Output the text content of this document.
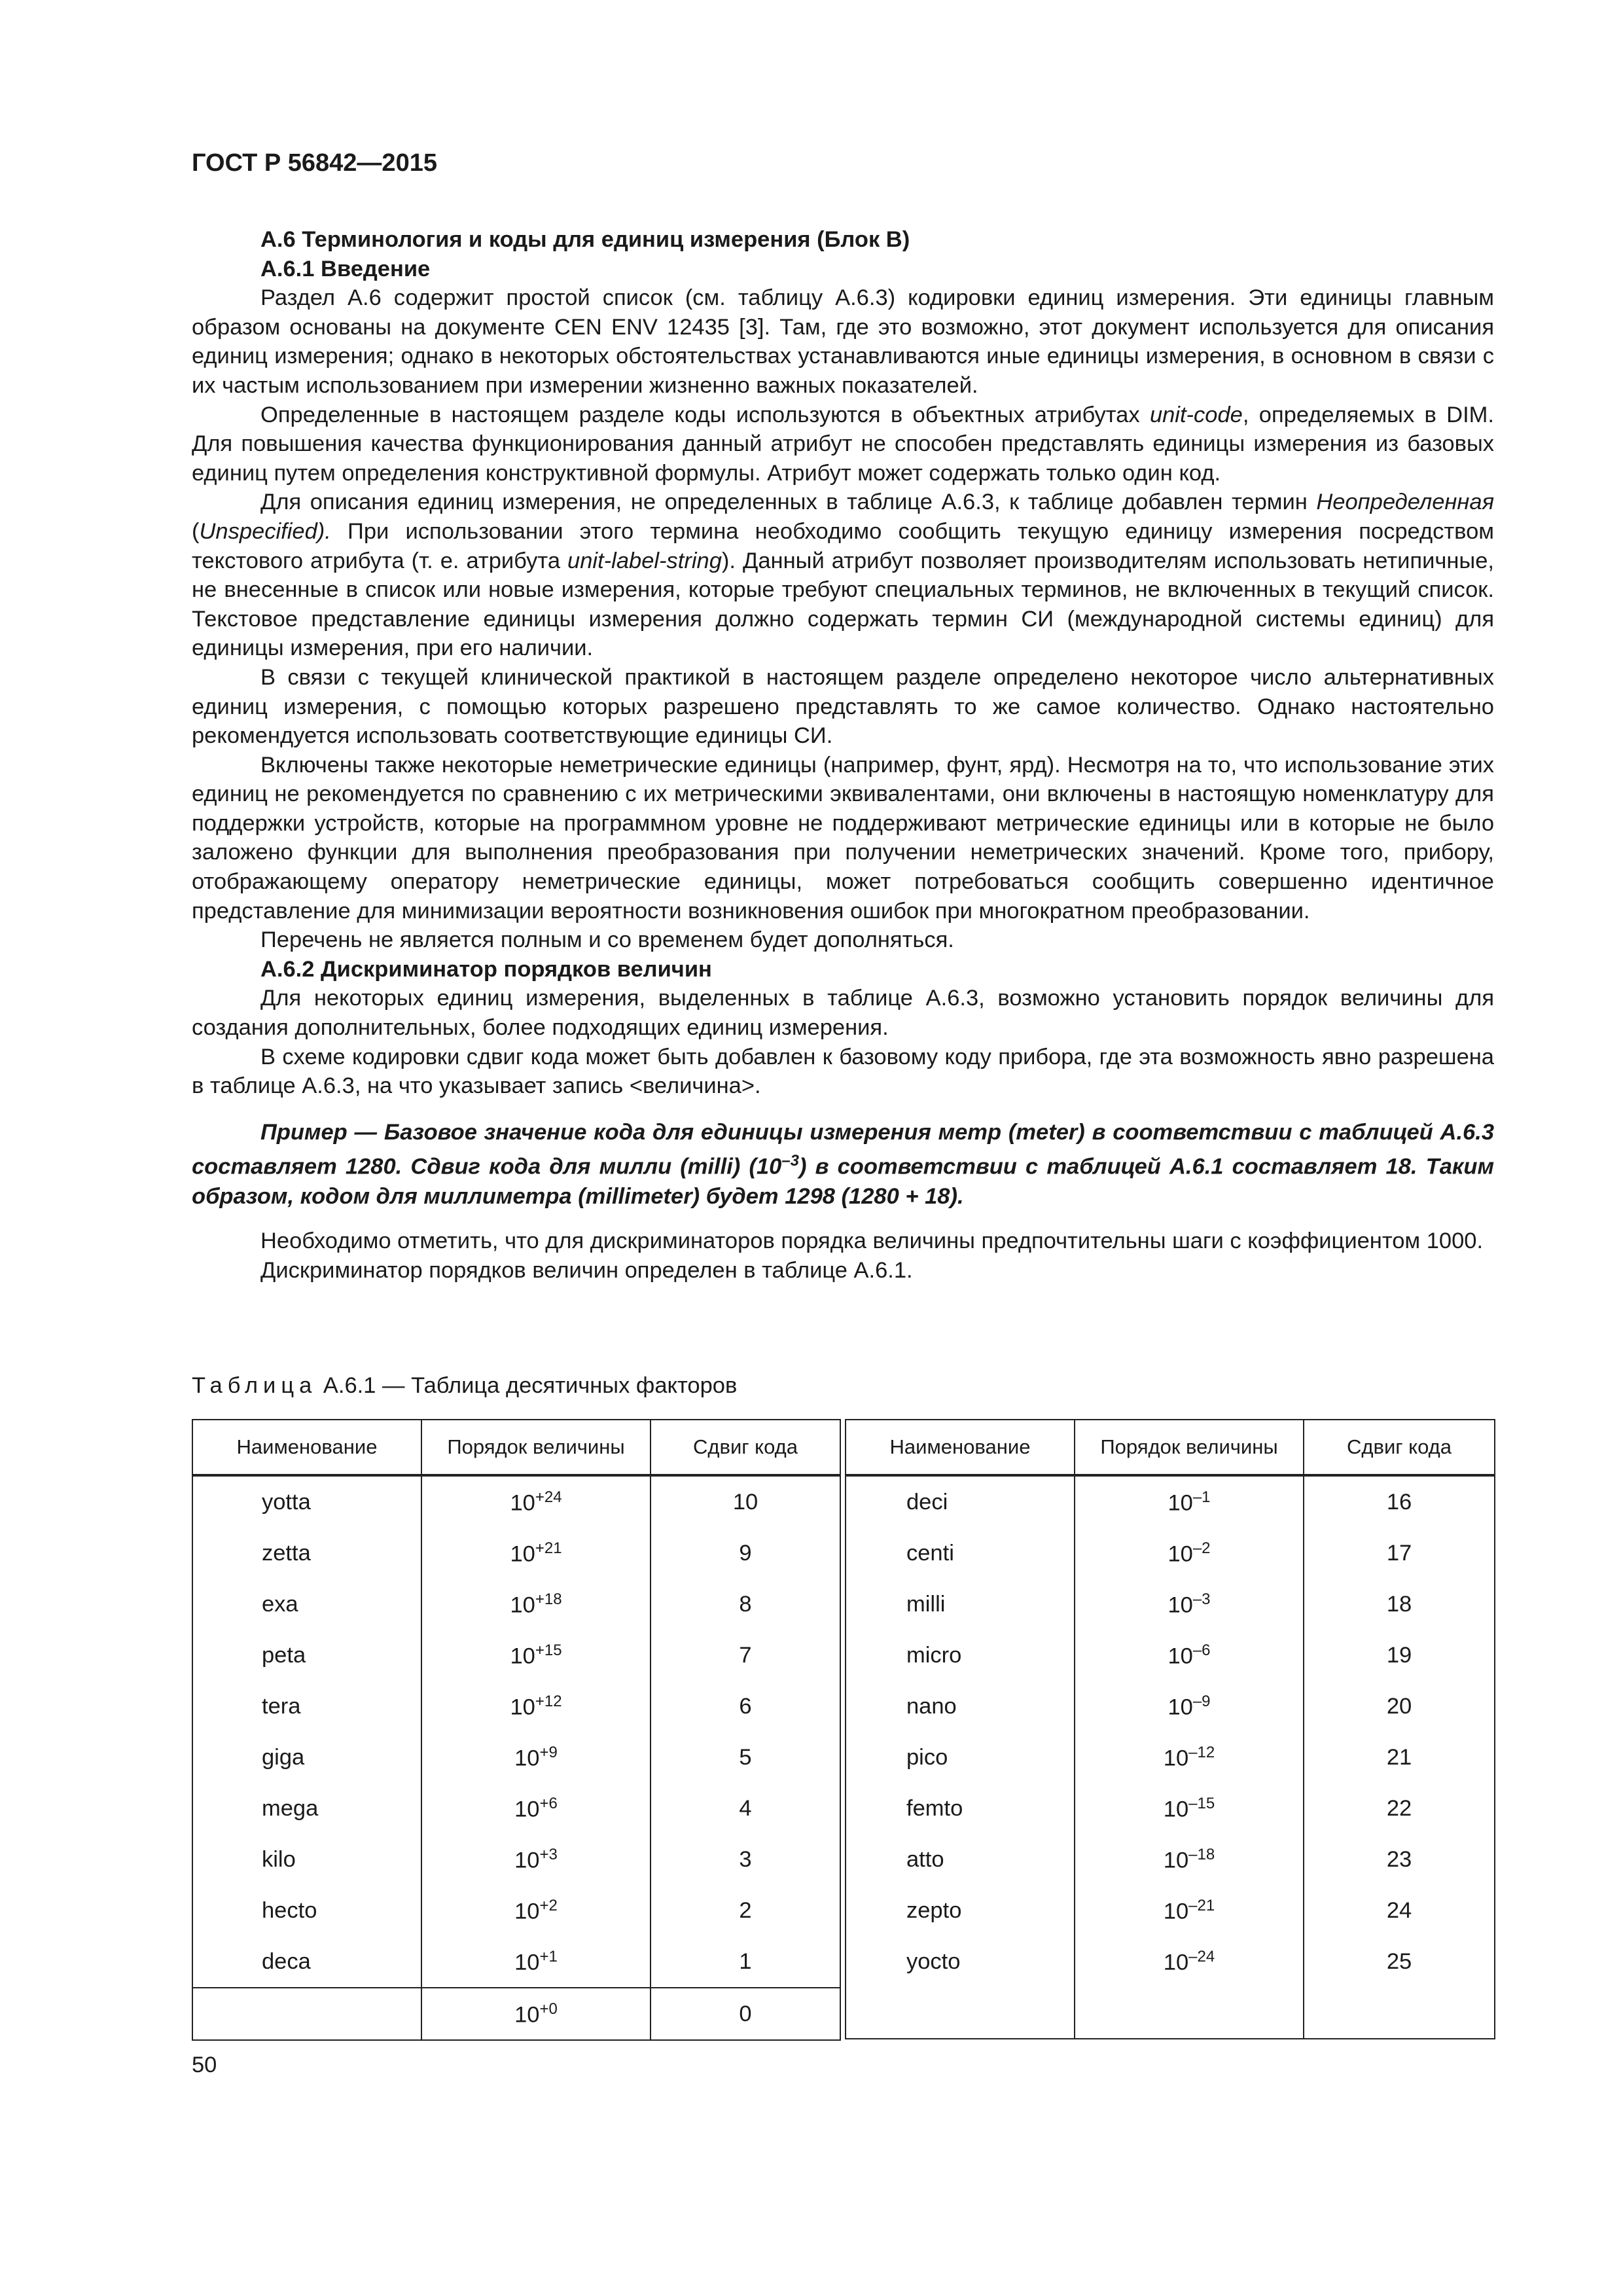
ГОСТ Р 56842—2015
А.6 Терминология и коды для единиц измерения (Блок В)
А.6.1 Введение

Раздел А.6 содержит простой список (см. таблицу А.6.3) кодировки единиц измерения. Эти единицы главным образом основаны на документе CEN ENV 12435 [3]. Там, где это возможно, этот документ используется для описания единиц измерения; однако в некоторых обстоятельствах устанавливаются иные единицы измерения, в основном в связи с их частым использованием при измерении жизненно важных показателей.

Определенные в настоящем разделе коды используются в объектных атрибутах unit-code, определяемых в DIM. Для повышения качества функционирования данный атрибут не способен представлять единицы измерения из базовых единиц путем определения конструктивной формулы. Атрибут может содержать только один код.

Для описания единиц измерения, не определенных в таблице А.6.3, к таблице добавлен термин Неопределенная (Unspecified). При использовании этого термина необходимо сообщить текущую единицу измерения посредством текстового атрибута (т. е. атрибута unit-label-string). Данный атрибут позволяет производителям использовать нетипичные, не внесенные в список или новые измерения, которые требуют специальных терминов, не включенных в текущий список. Текстовое представление единицы измерения должно содержать термин СИ (международной системы единиц) для единицы измерения, при его наличии.

В связи с текущей клинической практикой в настоящем разделе определено некоторое число альтернативных единиц измерения, с помощью которых разрешено представлять то же самое количество. Однако настоятельно рекомендуется использовать соответствующие единицы СИ.

Включены также некоторые неметрические единицы (например, фунт, ярд). Несмотря на то, что использование этих единиц не рекомендуется по сравнению с их метрическими эквивалентами, они включены в настоящую номенклатуру для поддержки устройств, которые на программном уровне не поддерживают метрические единицы или в которые не было заложено функции для выполнения преобразования при получении неметрических значений. Кроме того, прибору, отображающему оператору неметрические единицы, может потребоваться сообщить совершенно идентичное представление для минимизации вероятности возникновения ошибок при многократном преобразовании.

Перечень не является полным и со временем будет дополняться.

А.6.2 Дискриминатор порядков величин

Для некоторых единиц измерения, выделенных в таблице А.6.3, возможно установить порядок величины для создания дополнительных, более подходящих единиц измерения.

В схеме кодировки сдвиг кода может быть добавлен к базовому коду прибора, где эта возможность явно разрешена в таблице А.6.3, на что указывает запись <величина>.

Пример — Базовое значение кода для единицы измерения метр (meter) в соответствии с таблицей А.6.3 составляет 1280. Сдвиг кода для милли (milli) $(10^{-3})$ в соответствии с таблицей А.6.1 составляет 18. Таким образом, кодом для миллиметра (millimeter) будет 1298 (1280 + 18).

Необходимо отметить, что для дискриминаторов порядка величины предпочтительны шаги с коэффициентом 1000.

Дискриминатор порядков величин определен в таблице А.6.1.

Таблица А.6.1 — Таблица десятичных факторов
Наименование	Порядок величины	Сдвиг кода
yotta	$10^{+24}$	10
zetta	$10^{+21}$	9
exa	$10^{+18}$	8
peta	$10^{+15}$	7
tera	$10^{+12}$	6
giga	$10^{+9}$	5
mega	$10^{+6}$	4
kilo	$10^{+3}$	3
hecto	$10^{+2}$	2
deca	$10^{+1}$	1
	$10^{+0}$	0
Наименование	Порядок величины	Сдвиг кода
deci	$10^{-1}$	16
centi	$10^{-2}$	17
milli	$10^{-3}$	18
micro	$10^{-6}$	19
nano	$10^{-9}$	20
pico	$10^{-12}$	21
femto	$10^{-15}$	22
atto	$10^{-18}$	23
zepto	$10^{-21}$	24
yocto	$10^{-24}$	25

50
